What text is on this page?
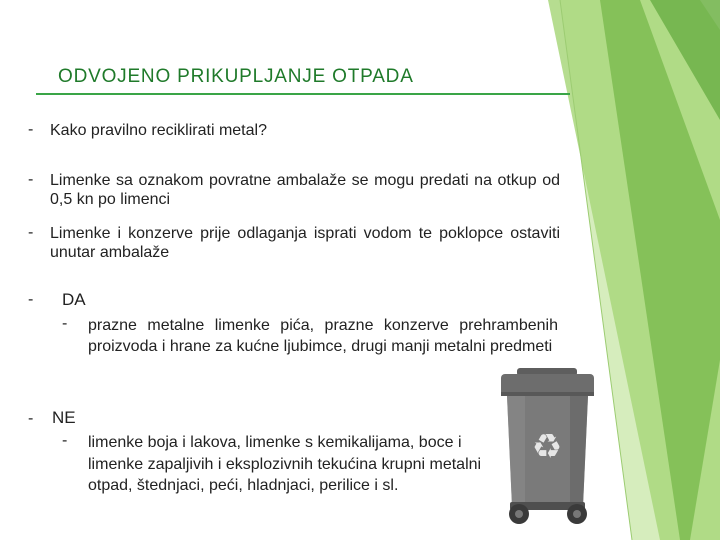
ODVOJENO PRIKUPLJANJE OTPADA
- Kako pravilno reciklirati metal?
- Limenke sa oznakom povratne ambalaže se mogu predati na otkup od 0,5 kn po limenci
- Limenke i konzerve prije odlaganja isprati vodom te poklopce ostaviti unutar ambalaže
- DA
- prazne metalne limenke pića, prazne konzerve prehrambenih proizvoda i hrane za kućne ljubimce, drugi manji metalni predmeti
- NE
- limenke boja i lakova, limenke s kemikalijama, boce i limenke zapaljivih i eksplozivnih tekućina krupni metalni otpad, štednjaci, peći, hladnjaci, perilice i sl.
♻
